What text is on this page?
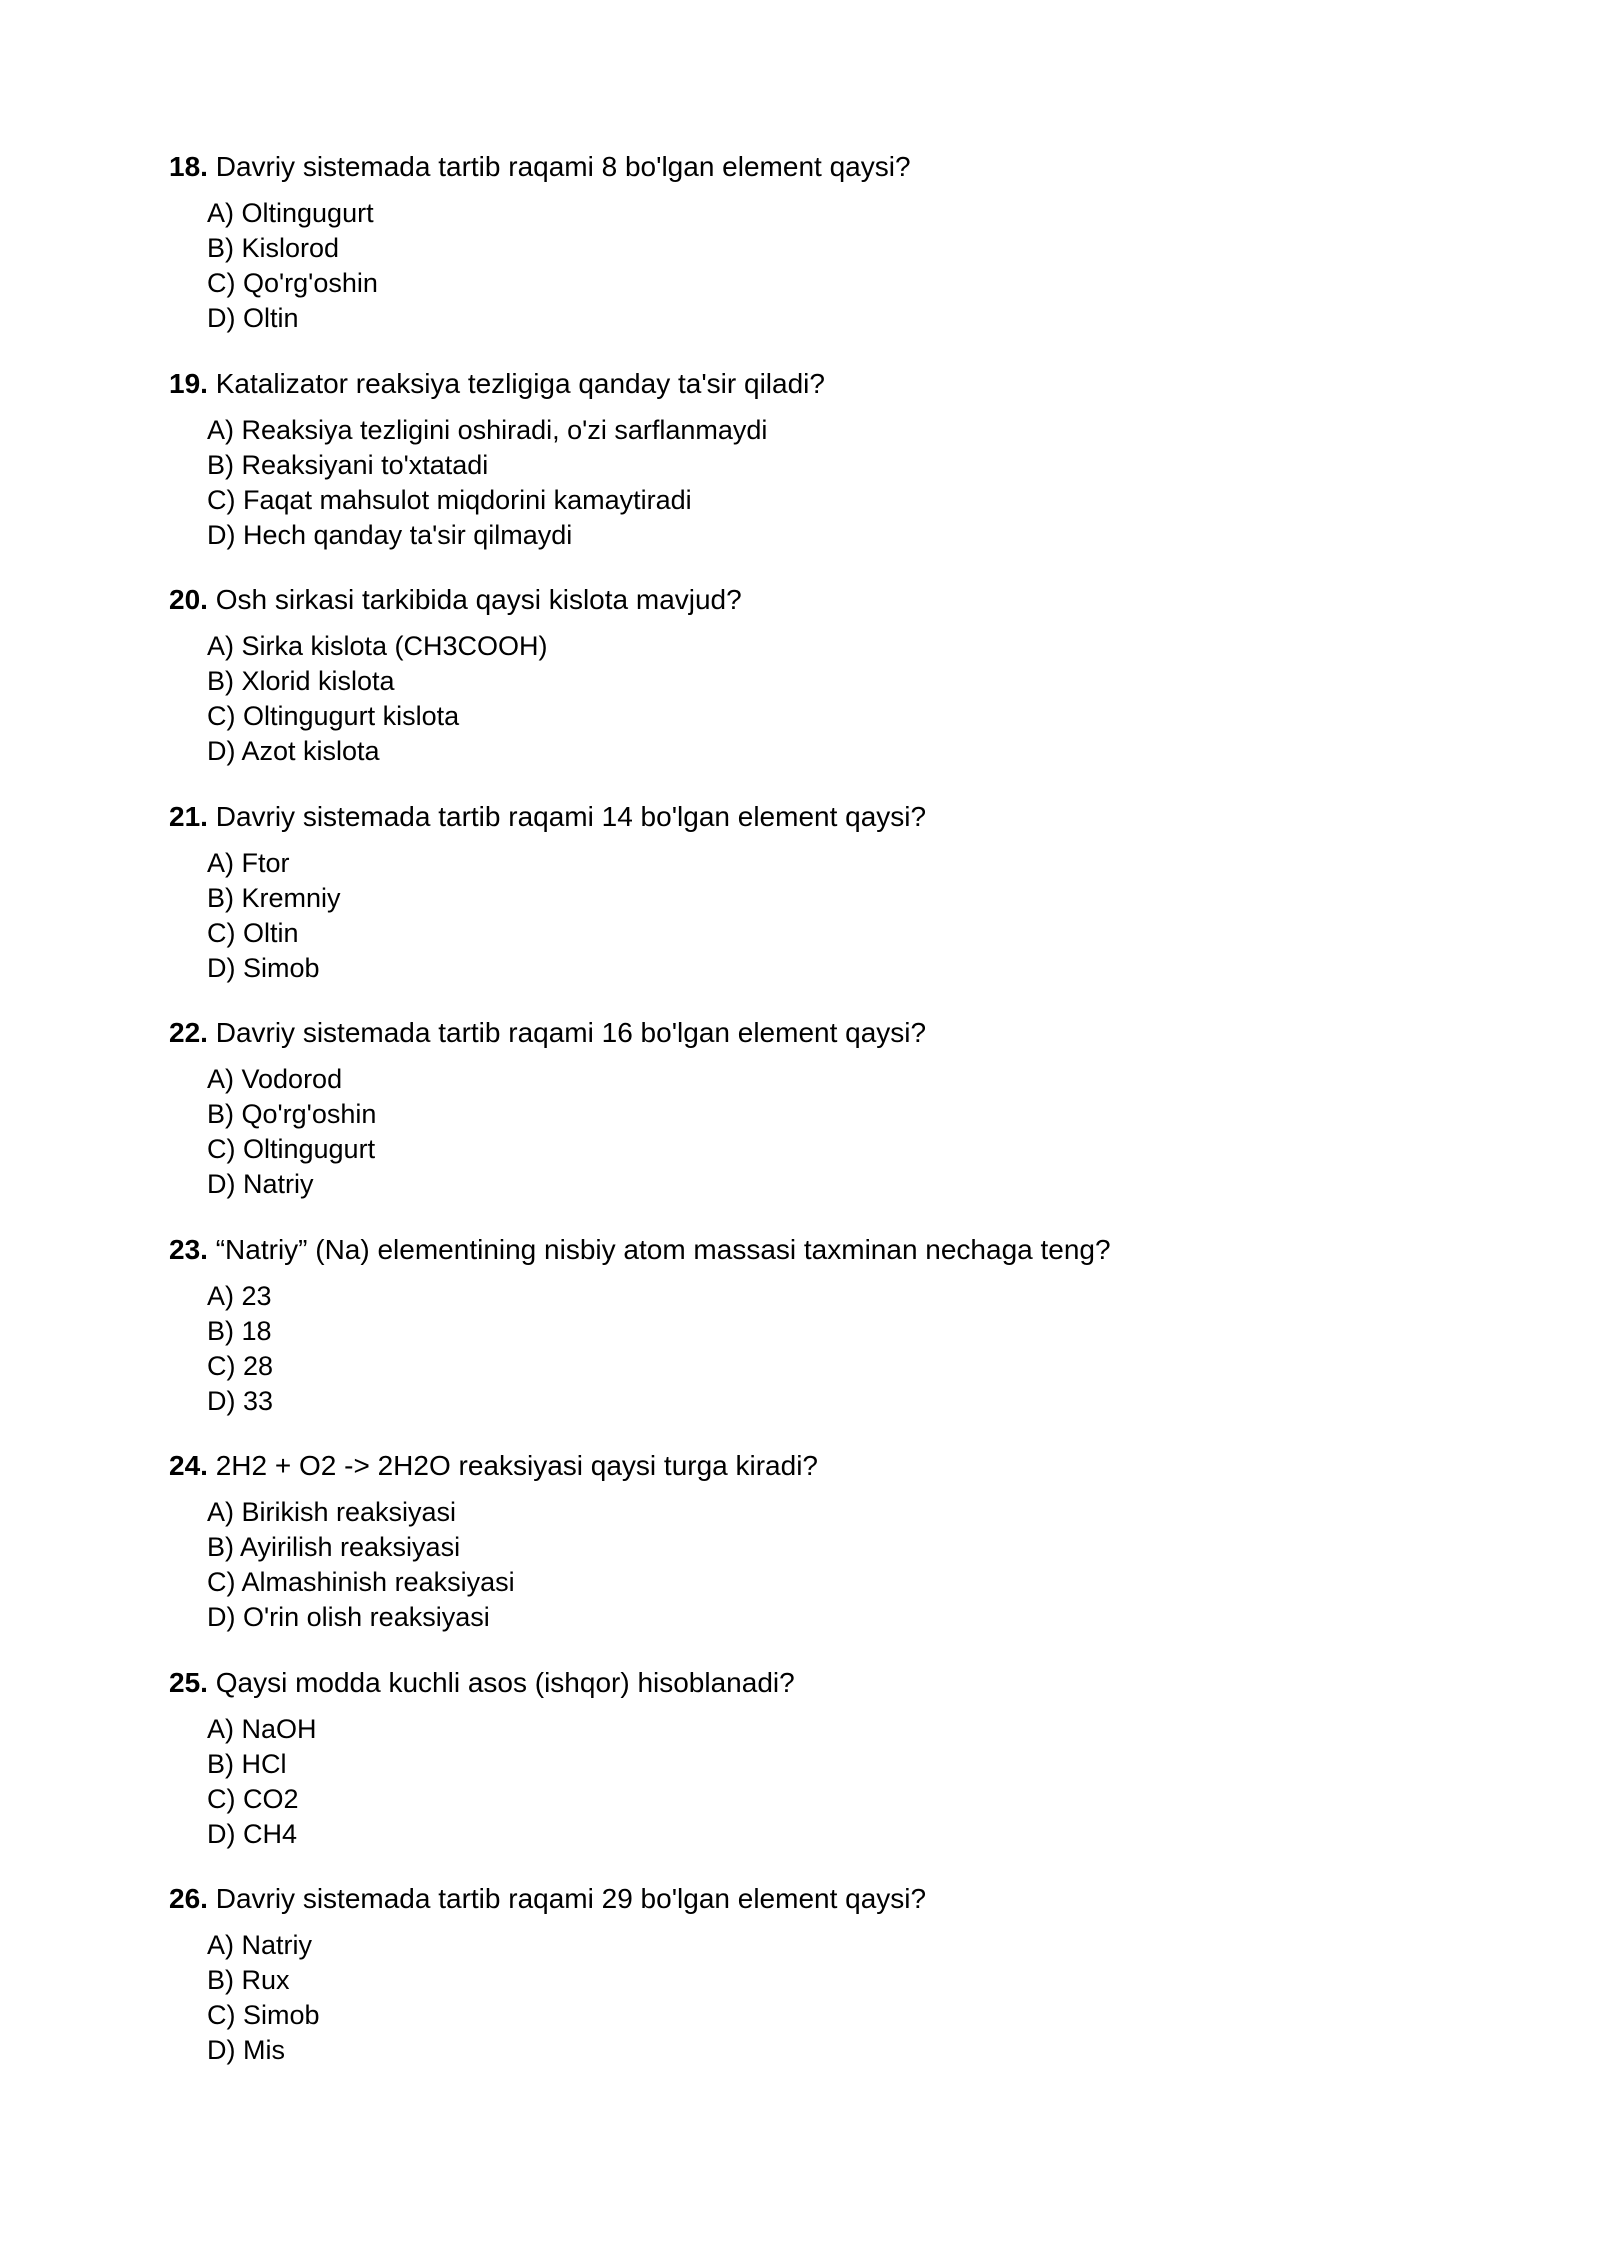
18. Davriy sistemada tartib raqami 8 bo'lgan element qaysi?
A) Oltingugurt
B) Kislorod
C) Qo'rg'oshin
D) Oltin
19. Katalizator reaksiya tezligiga qanday ta'sir qiladi?
A) Reaksiya tezligini oshiradi, o'zi sarflanmaydi
B) Reaksiyani to'xtatadi
C) Faqat mahsulot miqdorini kamaytiradi
D) Hech qanday ta'sir qilmaydi
20. Osh sirkasi tarkibida qaysi kislota mavjud?
A) Sirka kislota (CH3COOH)
B) Xlorid kislota
C) Oltingugurt kislota
D) Azot kislota
21. Davriy sistemada tartib raqami 14 bo'lgan element qaysi?
A) Ftor
B) Kremniy
C) Oltin
D) Simob
22. Davriy sistemada tartib raqami 16 bo'lgan element qaysi?
A) Vodorod
B) Qo'rg'oshin
C) Oltingugurt
D) Natriy
23. “Natriy” (Na) elementining nisbiy atom massasi taxminan nechaga teng?
A) 23
B) 18
C) 28
D) 33
24. 2H2 + O2 -> 2H2O reaksiyasi qaysi turga kiradi?
A) Birikish reaksiyasi
B) Ayirilish reaksiyasi
C) Almashinish reaksiyasi
D) O'rin olish reaksiyasi
25. Qaysi modda kuchli asos (ishqor) hisoblanadi?
A) NaOH
B) HCl
C) CO2
D) CH4
26. Davriy sistemada tartib raqami 29 bo'lgan element qaysi?
A) Natriy
B) Rux
C) Simob
D) Mis
